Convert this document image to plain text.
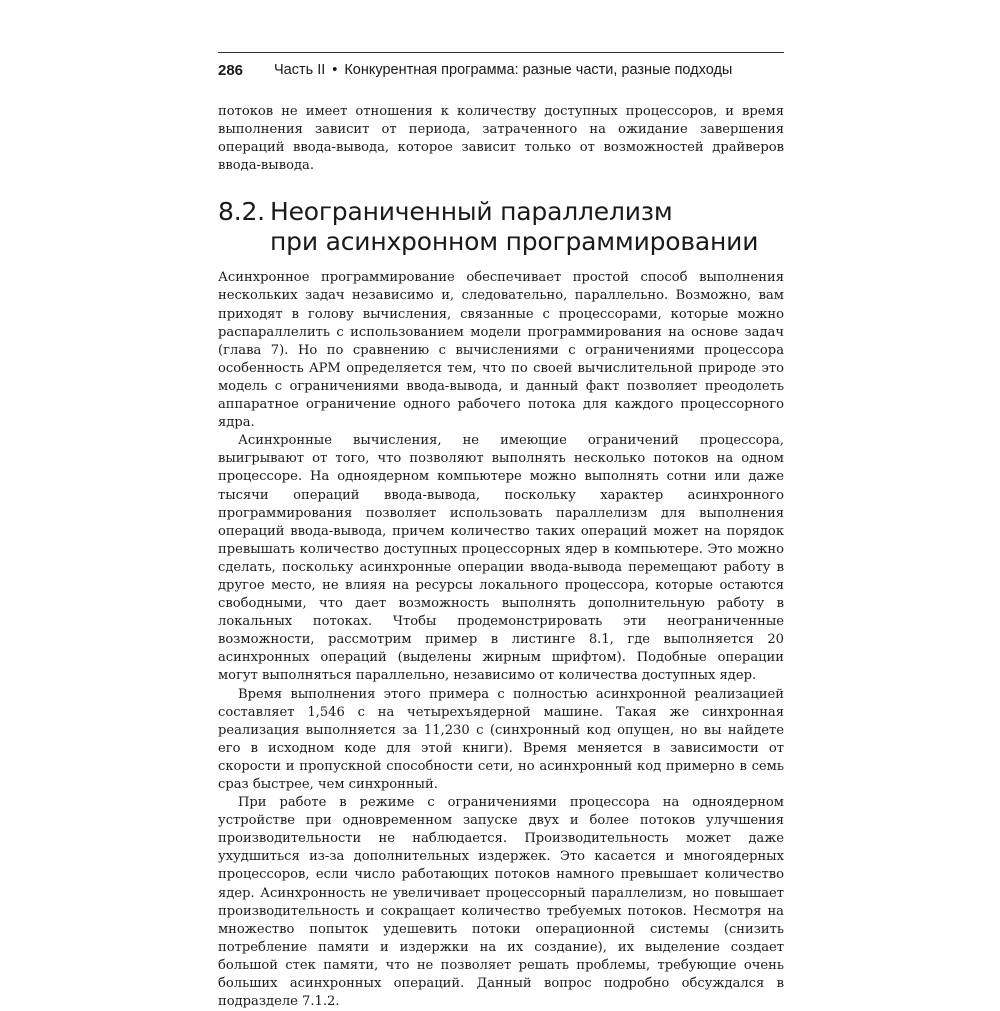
286 Часть II • Конкурентная программа: разные части, разные подходы

потоков не имеет отношения к количеству доступных процессоров, и время выполнения зависит от периода, затраченного на ожидание завершения операций ввода-вывода, которое зависит только от возможностей драйверов ввода-вывода.

8.2. Неограниченный параллелизм
при асинхронном программировании

Асинхронное программирование обеспечивает простой способ выполнения нескольких задач независимо и, следовательно, параллельно. Возможно, вам приходят в голову вычисления, связанные с процессорами, которые можно распараллелить с использованием модели программирования на основе задач (глава 7). Но по сравнению с вычислениями с ограничениями процессора особенность APM определяется тем, что по своей вычислительной природе это модель с ограничениями ввода-вывода, и данный факт позволяет преодолеть аппаратное ограничение одного рабочего потока для каждого процессорного ядра.

Асинхронные вычисления, не имеющие ограничений процессора, выигрывают от того, что позволяют выполнять несколько потоков на одном процессоре. На одноядерном компьютере можно выполнять сотни или даже тысячи операций ввода-вывода, поскольку характер асинхронного программирования позволяет использовать параллелизм для выполнения операций ввода-вывода, причем количество таких операций может на порядок превышать количество доступных процессорных ядер в компьютере. Это можно сделать, поскольку асинхронные операции ввода-вывода перемещают работу в другое место, не влияя на ресурсы локального процессора, которые остаются свободными, что дает возможность выполнять дополнительную работу в локальных потоках. Чтобы продемонстрировать эти неограниченные возможности, рассмотрим пример в листинге 8.1, где выполняется 20 асинхронных операций (выделены жирным шрифтом). Подобные операции могут выполняться параллельно, независимо от количества доступных ядер.

Время выполнения этого примера с полностью асинхронной реализацией составляет 1,546 с на четырехъядерной машине. Такая же синхронная реализация выполняется за 11,230 с (синхронный код опущен, но вы найдете его в исходном коде для этой книги). Время меняется в зависимости от скорости и пропускной способности сети, но асинхронный код примерно в семь сраз быстрее, чем синхронный.

При работе в режиме с ограничениями процессора на одноядерном устройстве при одновременном запуске двух и более потоков улучшения производительности не наблюдается. Производительность может даже ухудшиться из-за дополнительных издержек. Это касается и многоядерных процессоров, если число работающих потоков намного превышает количество ядер. Асинхронность не увеличивает процессорный параллелизм, но повышает производительность и сокращает количество требуемых потоков. Несмотря на множество попыток удешевить потоки операционной системы (снизить потребление памяти и издержки на их создание), их выделение создает большой стек памяти, что не позволяет решать проблемы, требующие очень больших асинхронных операций. Данный вопрос подробно обсуждался в подразделе 7.1.2.
